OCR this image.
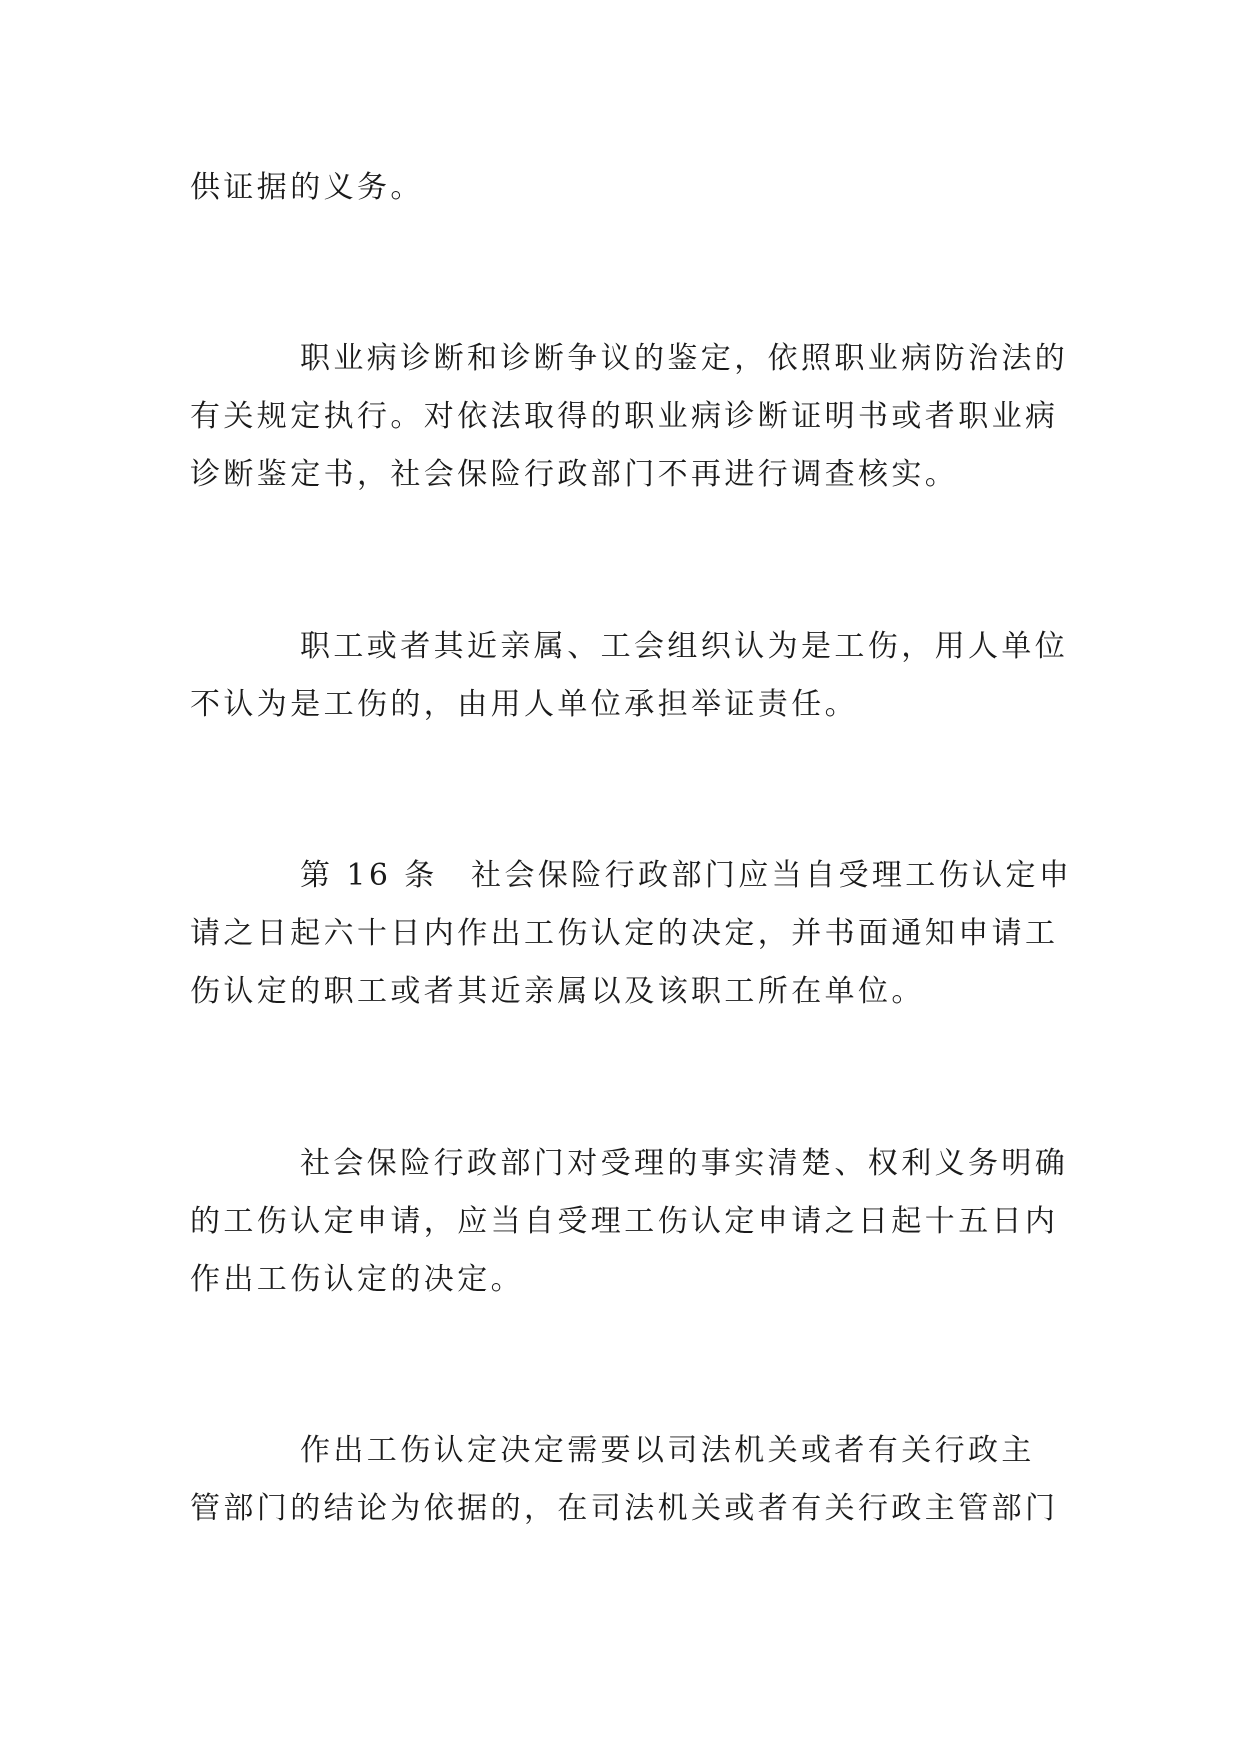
供证据的义务。

职业病诊断和诊断争议的鉴定，依照职业病防治法的

有关规定执行。对依法取得的职业病诊断证明书或者职业病

诊断鉴定书，社会保险行政部门不再进行调查核实。

职工或者其近亲属、工会组织认为是工伤，用人单位

不认为是工伤的，由用人单位承担举证责任。

第 16 条　社会保险行政部门应当自受理工伤认定申

请之日起六十日内作出工伤认定的决定，并书面通知申请工

伤认定的职工或者其近亲属以及该职工所在单位。

社会保险行政部门对受理的事实清楚、权利义务明确

的工伤认定申请，应当自受理工伤认定申请之日起十五日内

作出工伤认定的决定。

作出工伤认定决定需要以司法机关或者有关行政主

管部门的结论为依据的，在司法机关或者有关行政主管部门
